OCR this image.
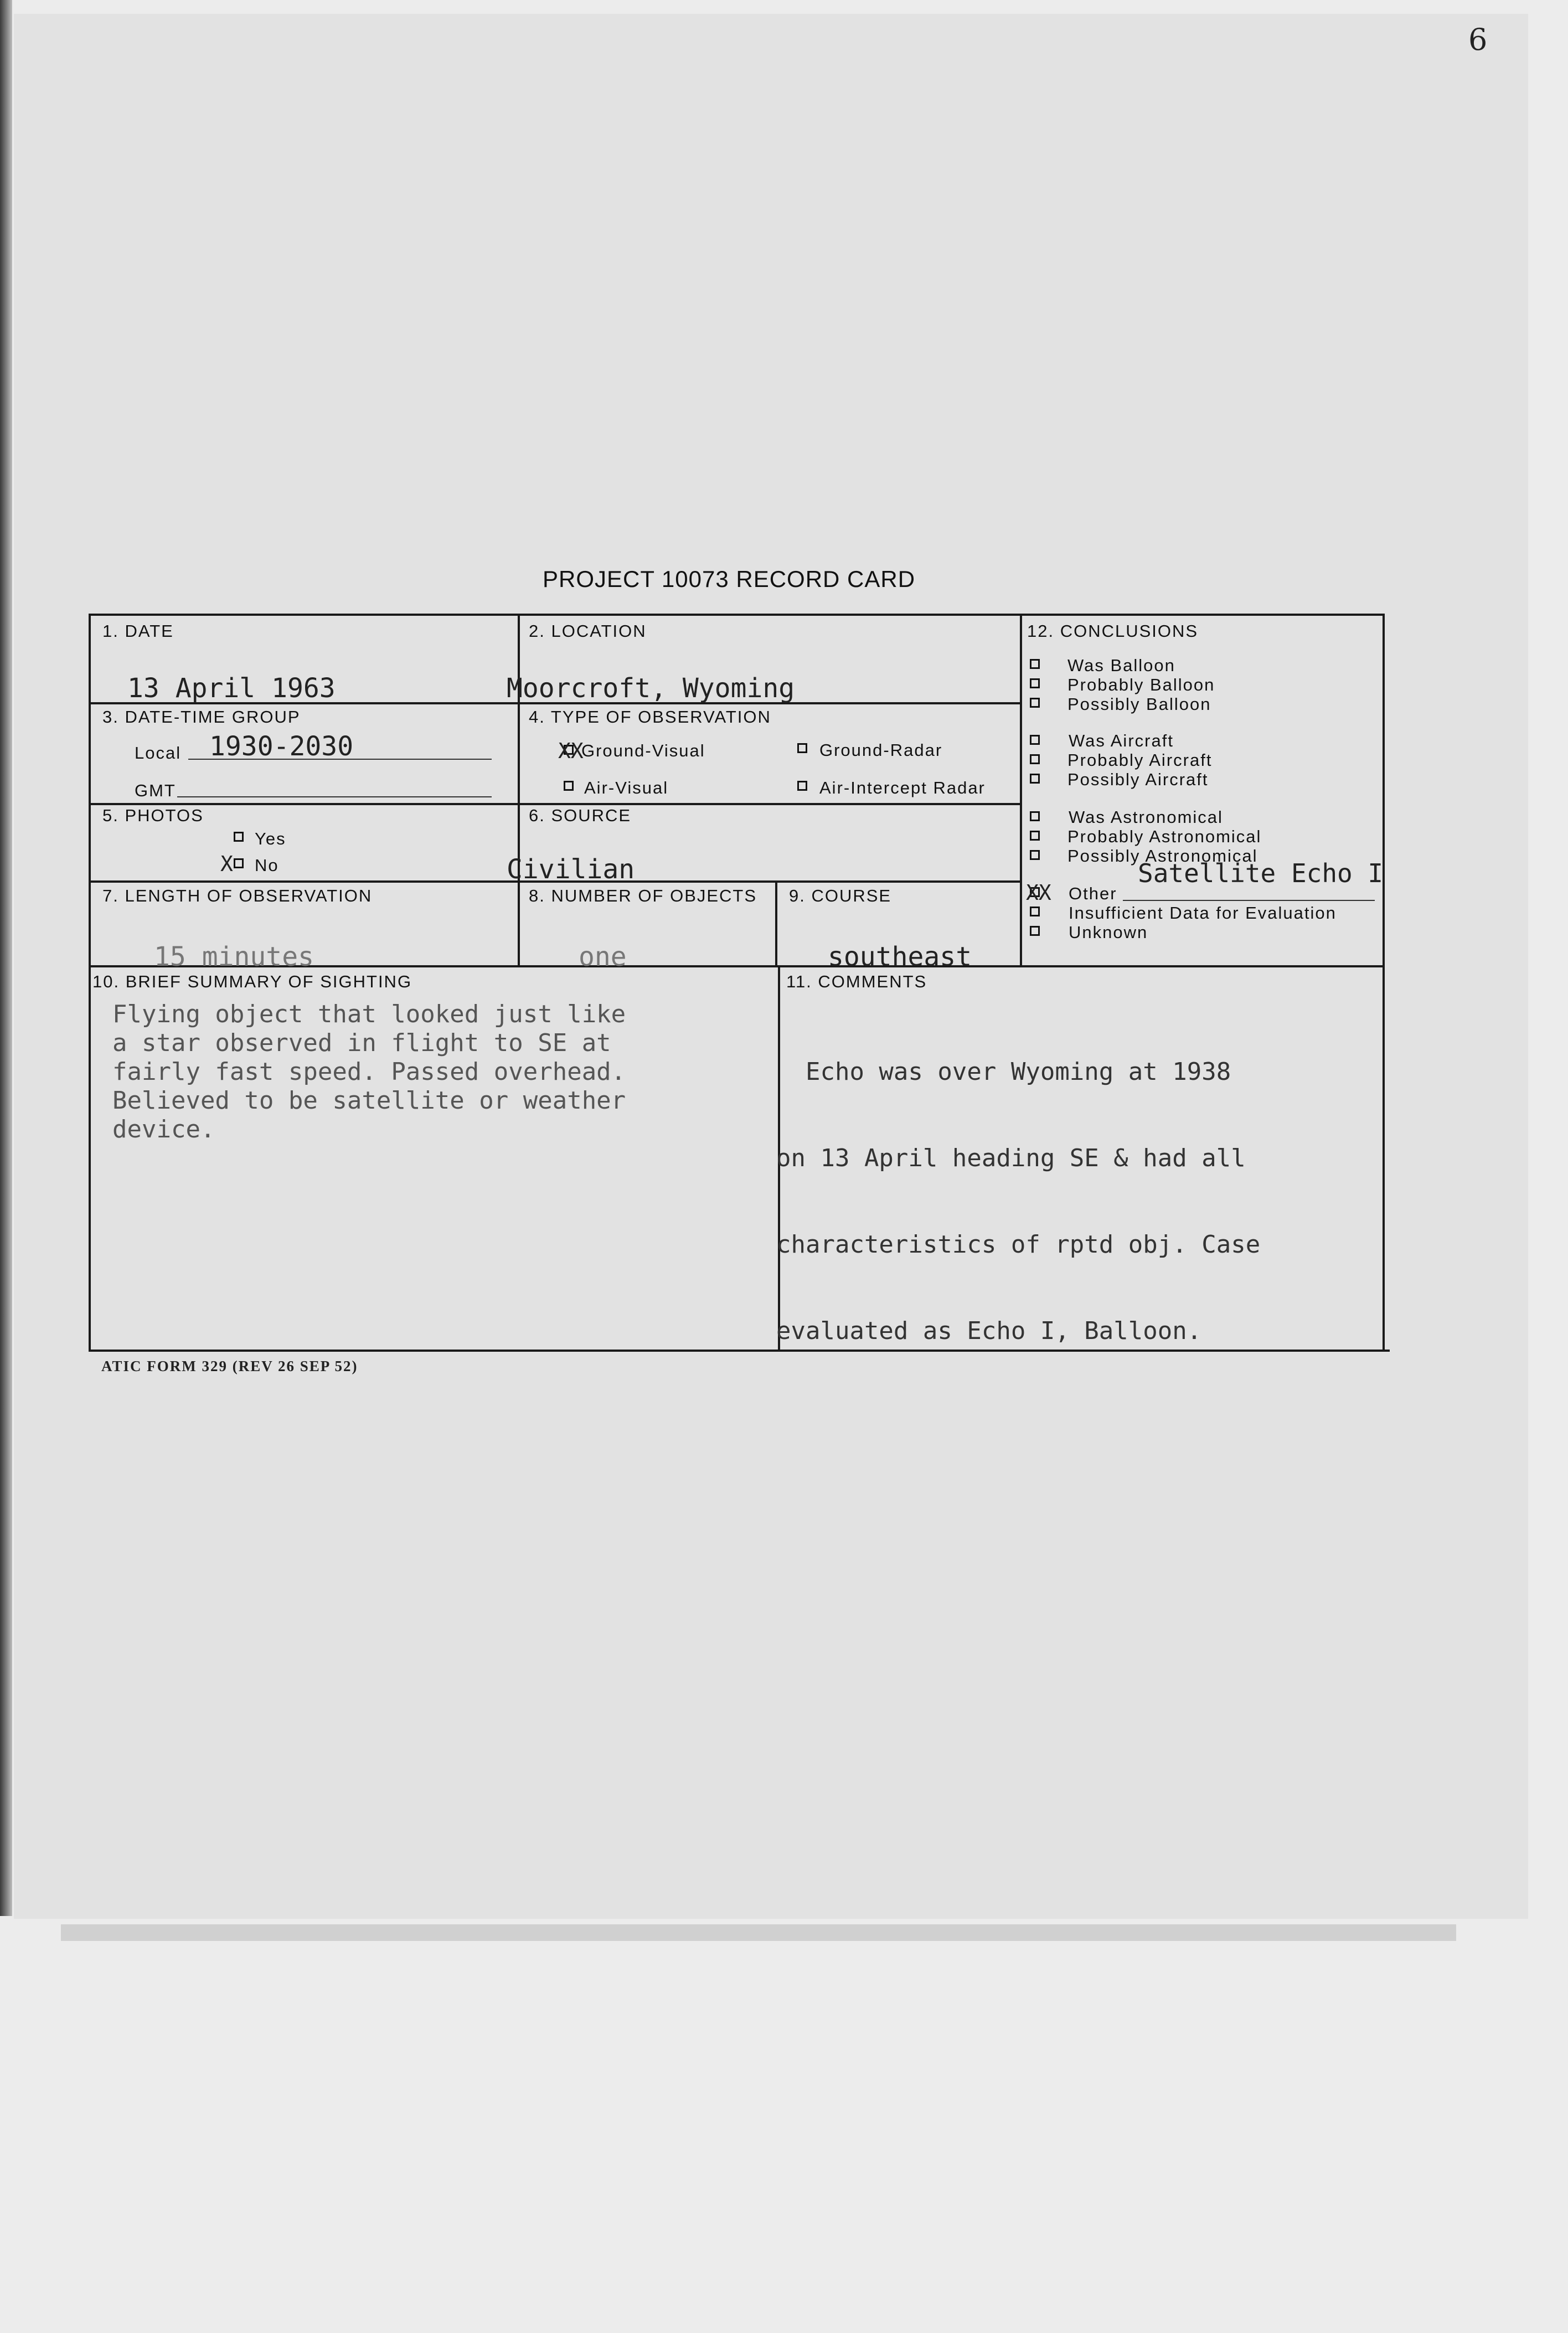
6
PROJECT 10073 RECORD CARD
1. DATE
13 April 1963
2. LOCATION
Moorcroft, Wyoming
3. DATE-TIME GROUP
Local 1930-2030
GMT
4. TYPE OF OBSERVATION
XX
Ground-Visual	Ground-Radar
Air-Visual	Air-Intercept Radar
5. PHOTOS
Yes
X No
6. SOURCE
Civilian
7. LENGTH OF OBSERVATION
15 minutes
8. NUMBER OF OBJECTS
one
9. COURSE
southeast
10. BRIEF SUMMARY OF SIGHTING
Flying object that looked just like
a star observed in flight to SE at
fairly fast speed. Passed overhead.
Believed to be satellite or weather
device.
11. COMMENTS

Echo was over Wyoming at 1938

on 13 April heading SE & had all

characteristics of rptd obj. Case

evaluated as Echo I, Balloon.

12. CONCLUSIONS
Was Balloon
Probably Balloon
Possibly Balloon
Was Aircraft
Probably Aircraft
Possibly Aircraft
Was Astronomical
Probably Astronomical
Possibly Astronomical
Satellite Echo I
XX Other
Insufficient Data for Evaluation
Unknown
ATIC FORM 329 (REV 26 SEP 52)
